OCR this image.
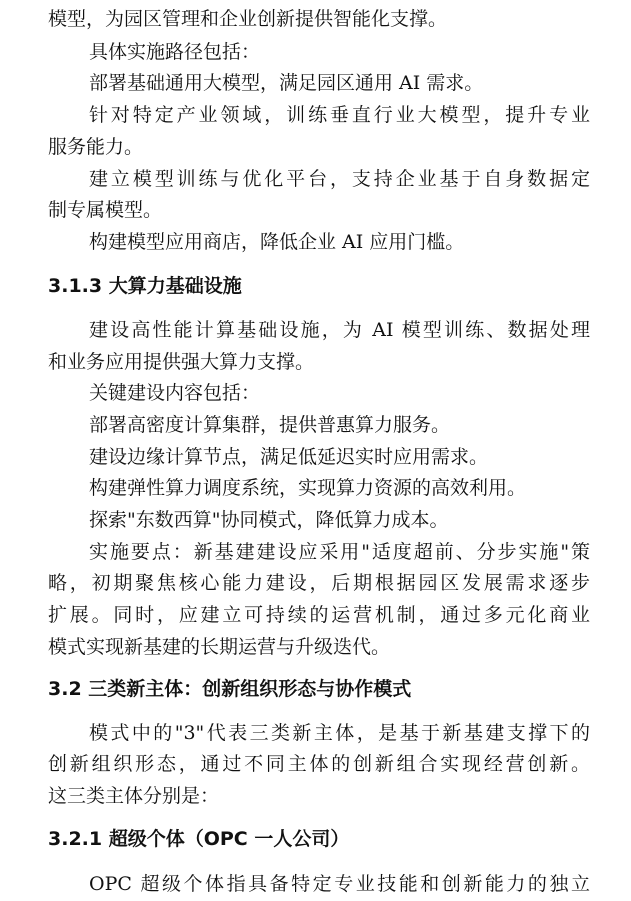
模型，为园区管理和企业创新提供智能化支撑。
具体实施路径包括：
部署基础通用大模型，满足园区通用 AI 需求。
针对特定产业领域，训练垂直行业大模型，提升专业
服务能力。
建立模型训练与优化平台，支持企业基于自身数据定
制专属模型。
构建模型应用商店，降低企业 AI 应用门槛。
3.1.3 大算力基础设施
建设高性能计算基础设施，为 AI 模型训练、数据处理
和业务应用提供强大算力支撑。
关键建设内容包括：
部署高密度计算集群，提供普惠算力服务。
建设边缘计算节点，满足低延迟实时应用需求。
构建弹性算力调度系统，实现算力资源的高效利用。
探索"东数西算"协同模式，降低算力成本。
实施要点：新基建建设应采用"适度超前、分步实施"策
略，初期聚焦核心能力建设，后期根据园区发展需求逐步
扩展。同时，应建立可持续的运营机制，通过多元化商业
模式实现新基建的长期运营与升级迭代。
3.2 三类新主体：创新组织形态与协作模式
模式中的"3"代表三类新主体，是基于新基建支撑下的
创新组织形态，通过不同主体的创新组合实现经营创新。
这三类主体分别是：
3.2.1 超级个体（OPC 一人公司）
OPC 超级个体指具备特定专业技能和创新能力的独立
